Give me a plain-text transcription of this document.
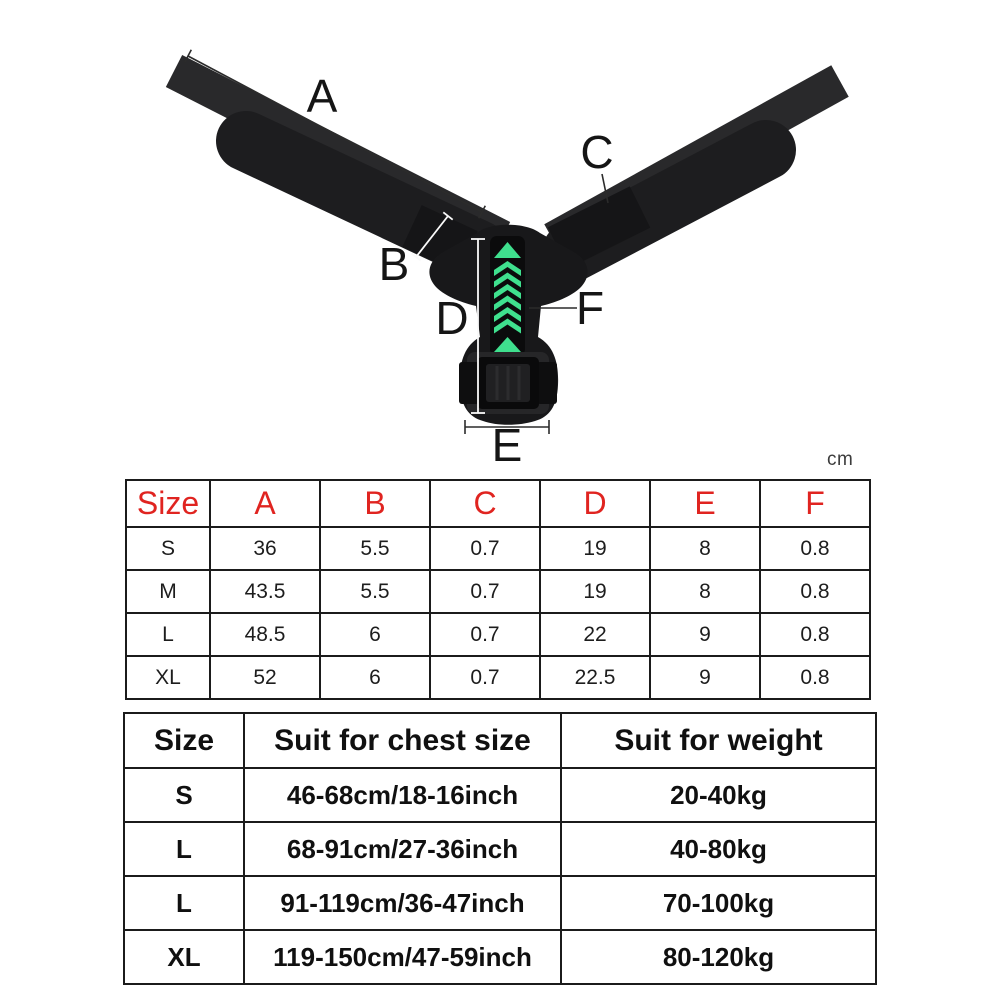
A
B
C
D
E
F
cm
Size	A	B	C	D	E	F
S	36	5.5	0.7	19	8	0.8
M	43.5	5.5	0.7	19	8	0.8
L	48.5	6	0.7	22	9	0.8
XL	52	6	0.7	22.5	9	0.8
Size	Suit for chest size	Suit for weight
S	46-68cm/18-16inch	20-40kg
L	68-91cm/27-36inch	40-80kg
L	91-119cm/36-47inch	70-100kg
XL	119-150cm/47-59inch	80-120kg
